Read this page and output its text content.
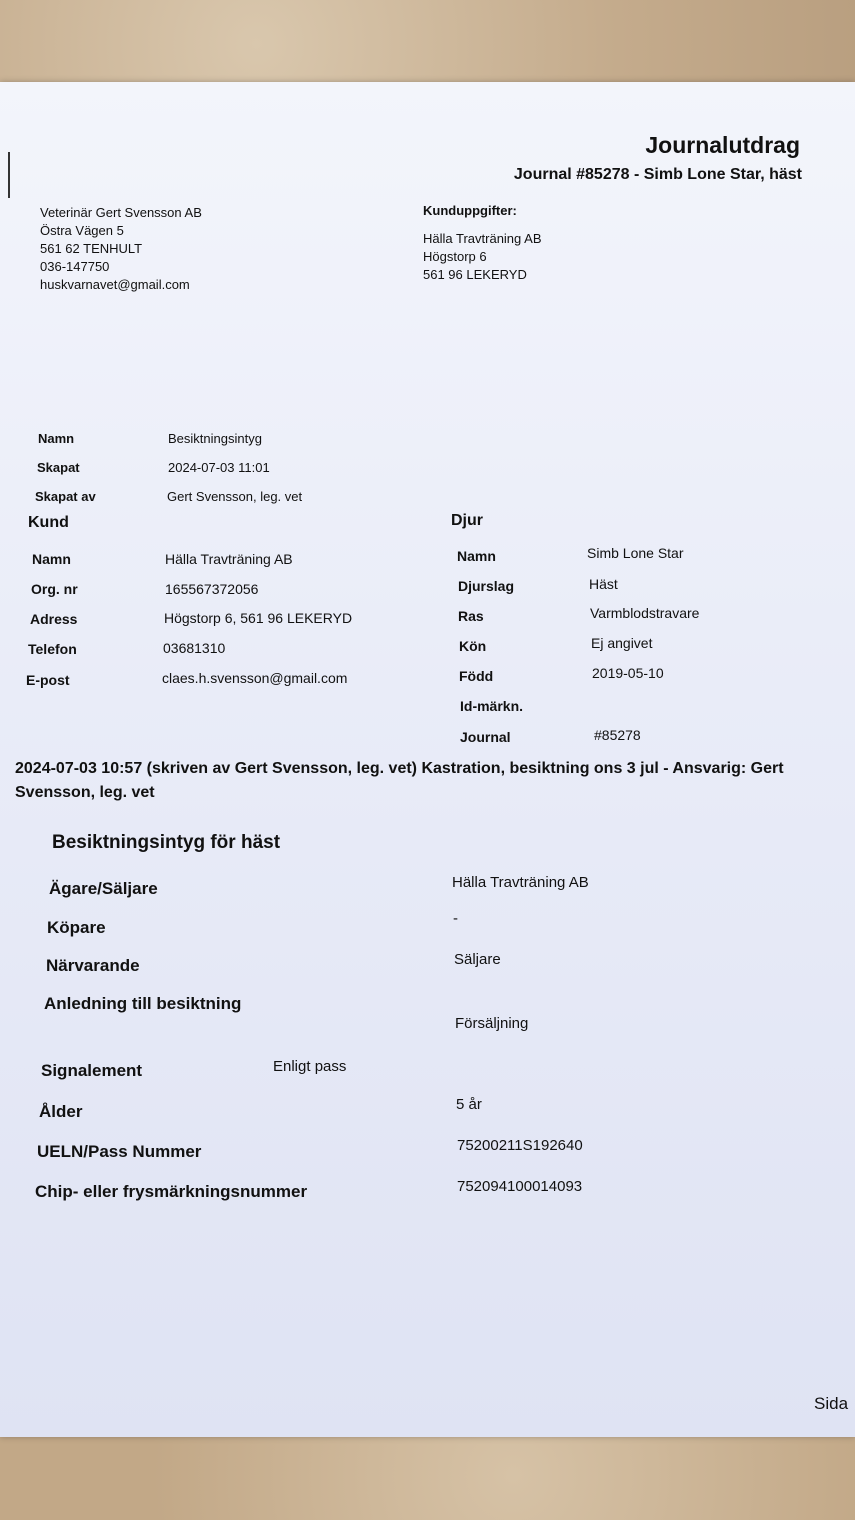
Journalutdrag
Journal #85278 - Simb Lone Star, häst
Veterinär Gert Svensson AB
Östra Vägen 5
561 62 TENHULT
036-147750
huskvarnavet@gmail.com
Kunduppgifter:
Hälla Travträning AB
Högstorp 6
561 96 LEKERYD
Namn	Besiktningsintyg
Skapat	2024-07-03 11:01
Skapat av	Gert Svensson, leg. vet
Kund
Namn	Hälla Travträning AB
Org. nr	165567372056
Adress	Högstorp 6, 561 96 LEKERYD
Telefon	03681310
E-post	claes.h.svensson@gmail.com
Djur
Namn	Simb Lone Star
Djurslag	Häst
Ras	Varmblodstravare
Kön	Ej angivet
Född	2019-05-10
Id-märkn.
Journal	#85278
2024-07-03 10:57 (skriven av Gert Svensson, leg. vet) Kastration, besiktning ons 3 jul - Ansvarig: Gert Svensson, leg. vet
Besiktningsintyg för häst
Ägare/Säljare	Hälla Travträning AB
Köpare	-
Närvarande	Säljare
Anledning till besiktning
Försäljning
Signalement	Enligt pass
Ålder	5 år
UELN/Pass Nummer	75200211S192640
Chip- eller frysmärkningsnummer	752094100014093
Sida
